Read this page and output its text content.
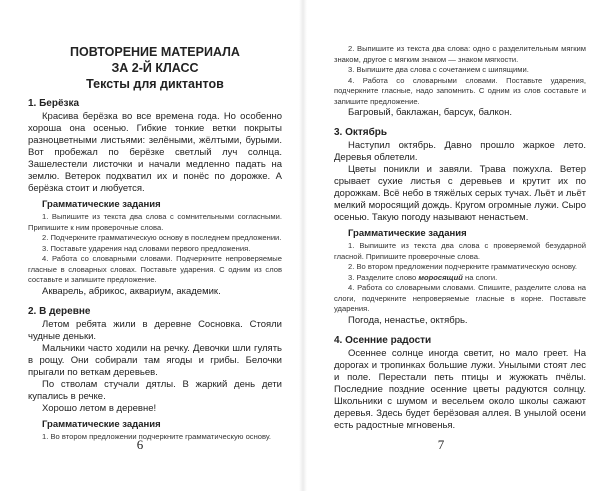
ПОВТОРЕНИЕ МАТЕРИАЛА
ЗА 2-Й КЛАСС
Тексты для диктантов
1. Берёзка

Красива берёзка во все времена года. Но особенно хороша она осенью. Гибкие тонкие ветки покрыты разноцветными листьями: зелёными, жёлтыми, бурыми. Вот пробежал по берёзке светлый луч солнца. Зашелестели листочки и начали медленно падать на землю. Ветерок подхватил их и понёс по дорожке. А берёзка стоит и любуется.

Грамматические задания

1. Выпишите из текста два слова с сомнительными согласными. Припишите к ним проверочные слова.

2. Подчеркните грамматическую основу в последнем предложении.

3. Поставьте ударения над словами первого предложения.

4. Работа со словарными словами. Подчеркните непроверяемые гласные в словарных словах. Поставьте ударения. С одним из слов составьте и запишите предложение.

Акварель, абрикос, аквариум, академик.

2. В деревне

Летом ребята жили в деревне Сосновка. Стояли чудные деньки.

Мальчики часто ходили на речку. Девочки шли гулять в рощу. Они собирали там ягоды и грибы. Белочки прыгали по веткам деревьев.

По стволам стучали дятлы. В жаркий день дети купались в речке.

Хорошо летом в деревне!

Грамматические задания

1. Во втором предложении подчеркните грамматическую основу.

6

2. Выпишите из текста два слова: одно с разделительным мягким знаком, другое с мягким знаком — знаком мягкости.

3. Выпишите два слова с сочетанием с шипящими.

4. Работа со словарными словами. Поставьте ударения, подчеркните гласные, надо запомнить. С одним из слов составьте и запишите предложение.

Багровый, баклажан, барсук, балкон.

3. Октябрь

Наступил октябрь. Давно прошло жаркое лето. Деревья облетели.

Цветы поникли и завяли. Трава пожухла. Ветер срывает сухие листья с деревьев и крутит их по дорожкам. Всё небо в тяжёлых серых тучах. Льёт и льёт мелкий моросящий дождь. Кругом огромные лужи. Сыро осенью. Такую погоду называют ненастьем.

Грамматические задания

1. Выпишите из текста два слова с проверяемой безударной гласной. Припишите проверочные слова.

2. Во втором предложении подчеркните грамматическую основу.

3. Разделите слово моросящий на слоги.

4. Работа со словарными словами. Спишите, разделите слова на слоги, подчеркните непроверяемые гласные в корне. Поставьте ударения.

Погода, ненастье, октябрь.

4. Осенние радости

Осеннее солнце иногда светит, но мало греет. На дорогах и тропинках большие лужи. Унылыми стоят лес и поле. Перестали петь птицы и жужжать пчёлы. Последние поздние осенние цветы радуются солнцу. Школьники с шумом и весельем около школы сажают деревья. Здесь будет берёзовая аллея. В унылой осени есть радостные мгновенья.

7
